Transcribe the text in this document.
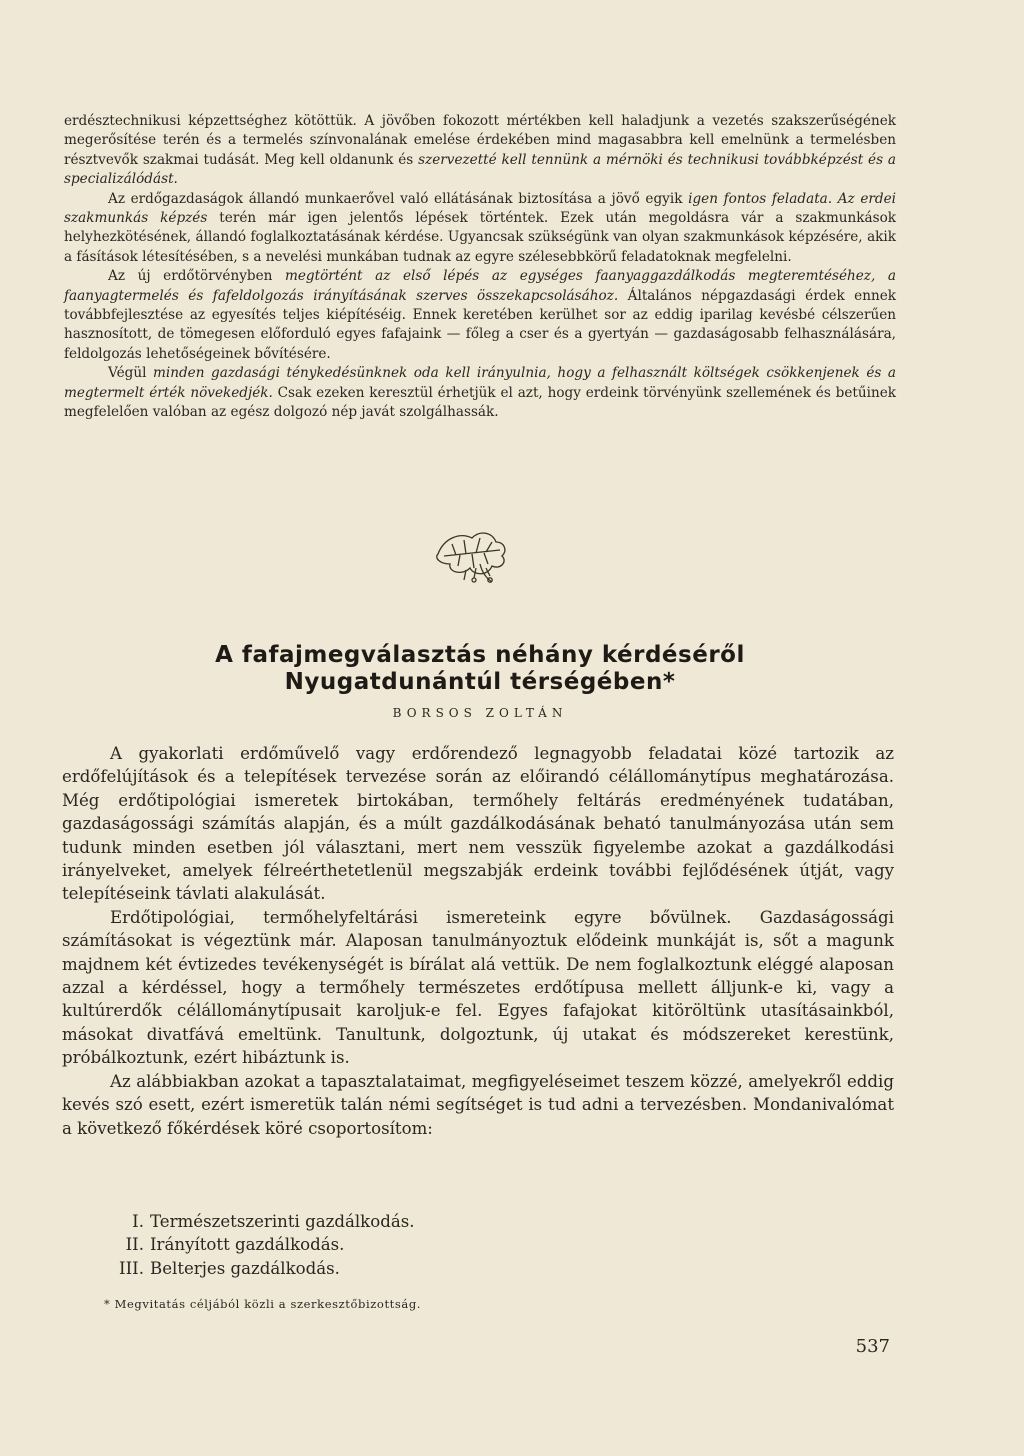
erdésztechnikusi képzettséghez kötöttük. A jövőben fokozott mértékben kell haladjunk a vezetés szakszerűségének megerősítése terén és a termelés színvonalának emelése érdekében mind magasabbra kell emelnünk a termelésben résztvevők szakmai tudását. Meg kell oldanunk és szervezetté kell tennünk a mérnöki és technikusi továbbképzést és a specializálódást.

Az erdőgazdaságok állandó munkaerővel való ellátásának biztosítása a jövő egyik igen fontos feladata. Az erdei szakmunkás képzés terén már igen jelentős lépések történtek. Ezek után megoldásra vár a szakmunkások helyhezkötésének, állandó foglalkoztatásának kérdése. Ugyancsak szükségünk van olyan szakmunkások képzésére, akik a fásítások létesítésében, s a nevelési munkában tudnak az egyre szélesebbkörű feladatoknak megfelelni.

Az új erdőtörvényben megtörtént az első lépés az egységes faanyaggazdálkodás megteremtéséhez, a faanyagtermelés és fafeldolgozás irányításának szerves összekapcsolásához. Általános népgazdasági érdek ennek továbbfejlesztése az egyesítés teljes kiépítéséig. Ennek keretében kerülhet sor az eddig iparilag kevésbé célszerűen hasznosított, de tömegesen előforduló egyes fafajaink — főleg a cser és a gyertyán — gazdaságosabb felhasználására, feldolgozás lehetőségeinek bővítésére.

Végül minden gazdasági ténykedésünknek oda kell irányulnia, hogy a felhasznált költségek csökkenjenek és a megtermelt érték növekedjék. Csak ezeken keresztül érhetjük el azt, hogy erdeink törvényünk szellemének és betűinek megfelelően valóban az egész dolgozó nép javát szolgálhassák.

A fafajmegválasztás néhány kérdéséről
Nyugatdunántúl térségében*
BORSOS ZOLTÁN

A gyakorlati erdőművelő vagy erdőrendező legnagyobb feladatai közé tartozik az erdőfelújítások és a telepítések tervezése során az előirandó célállománytípus meghatározása. Még erdőtipológiai ismeretek birtokában, termőhely feltárás eredményének tudatában, gazdaságossági számítás alapján, és a múlt gazdálkodásának beható tanulmányozása után sem tudunk minden esetben jól választani, mert nem vesszük figyelembe azokat a gazdálkodási irányelveket, amelyek félreérthetetlenül megszabják erdeink további fejlődésének útját, vagy telepítéseink távlati alakulását.

Erdőtipológiai, termőhelyfeltárási ismereteink egyre bővülnek. Gazdaságossági számításokat is végeztünk már. Alaposan tanulmányoztuk elődeink munkáját is, sőt a magunk majdnem két évtizedes tevékenységét is bírálat alá vettük. De nem foglalkoztunk eléggé alaposan azzal a kérdéssel, hogy a termőhely természetes erdőtípusa mellett álljunk-e ki, vagy a kultúrerdők célállománytípusait karoljuk-e fel. Egyes fafajokat kitöröltünk utasításainkból, másokat divatfává emeltünk. Tanultunk, dolgoztunk, új utakat és módszereket kerestünk, próbálkoztunk, ezért hibáztunk is.

Az alábbiakban azokat a tapasztalataimat, megfigyeléseimet teszem közzé, amelyekről eddig kevés szó esett, ezért ismeretük talán némi segítséget is tud adni a tervezésben. Mondanivalómat a következő főkérdések köré csoportosítom:

I. Természetszerinti gazdálkodás.
II. Irányított gazdálkodás.
III. Belterjes gazdálkodás.
* Megvitatás céljából közli a szerkesztőbizottság.
537
